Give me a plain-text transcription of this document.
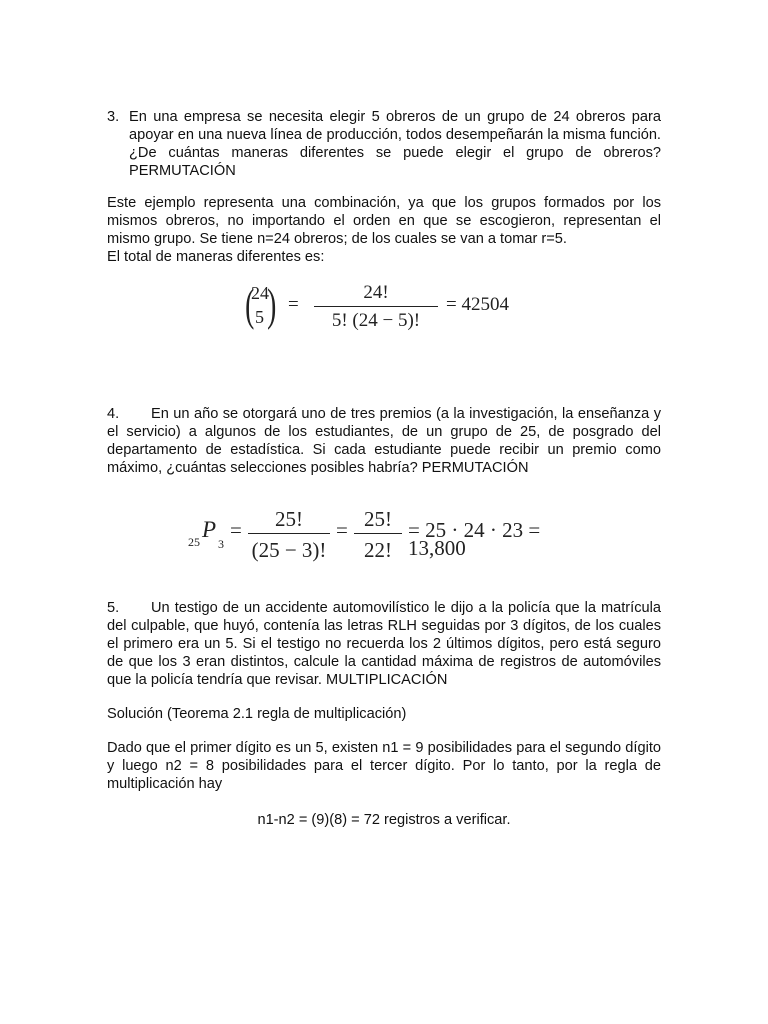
3. En una empresa se necesita elegir 5 obreros de un grupo de 24 obreros para apoyar en una nueva línea de producción, todos desempeñarán la misma función. ¿De cuántas maneras diferentes se puede elegir el grupo de obreros? PERMUTACIÓN

Este ejemplo representa una combinación, ya que los grupos formados por los mismos obreros, no importando el orden en que se escogieron, representan el mismo grupo. Se tiene n=24 obreros; de los cuales se van a tomar r=5.

El total de maneras diferentes es:

(
24
5 ) =
24!
5! (24 − 5)!
= 42504

4. En un año se otorgará uno de tres premios (a la investigación, la enseñanza y el servicio) a algunos de los estudiantes, de un grupo de 25, de posgrado del departamento de estadística. Si cada estudiante puede recibir un premio como máximo, ¿cuántas selecciones posibles habría? PERMUTACIÓN

25 P
3
=	25!
(25 − 3)!
= 25!
22!
= 25 · 24 · 23 = 13,800

5. Un testigo de un accidente automovilístico le dijo a la policía que la matrícula del culpable, que huyó, contenía las letras RLH seguidas por 3 dígitos, de los cuales el primero era un 5. Si el testigo no recuerda los 2 últimos dígitos, pero está seguro de que los 3 eran distintos, calcule la cantidad máxima de registros de automóviles que la policía tendría que revisar. MULTIPLICACIÓN

Solución (Teorema 2.1 regla de multiplicación)
Dado que el primer dígito es un 5, existen n1 = 9 posibilidades para el segundo dígito y luego n2 = 8 posibilidades para el tercer dígito. Por lo tanto, por la regla de multiplicación hay
n1-n2 = (9)(8) = 72 registros a verificar.
